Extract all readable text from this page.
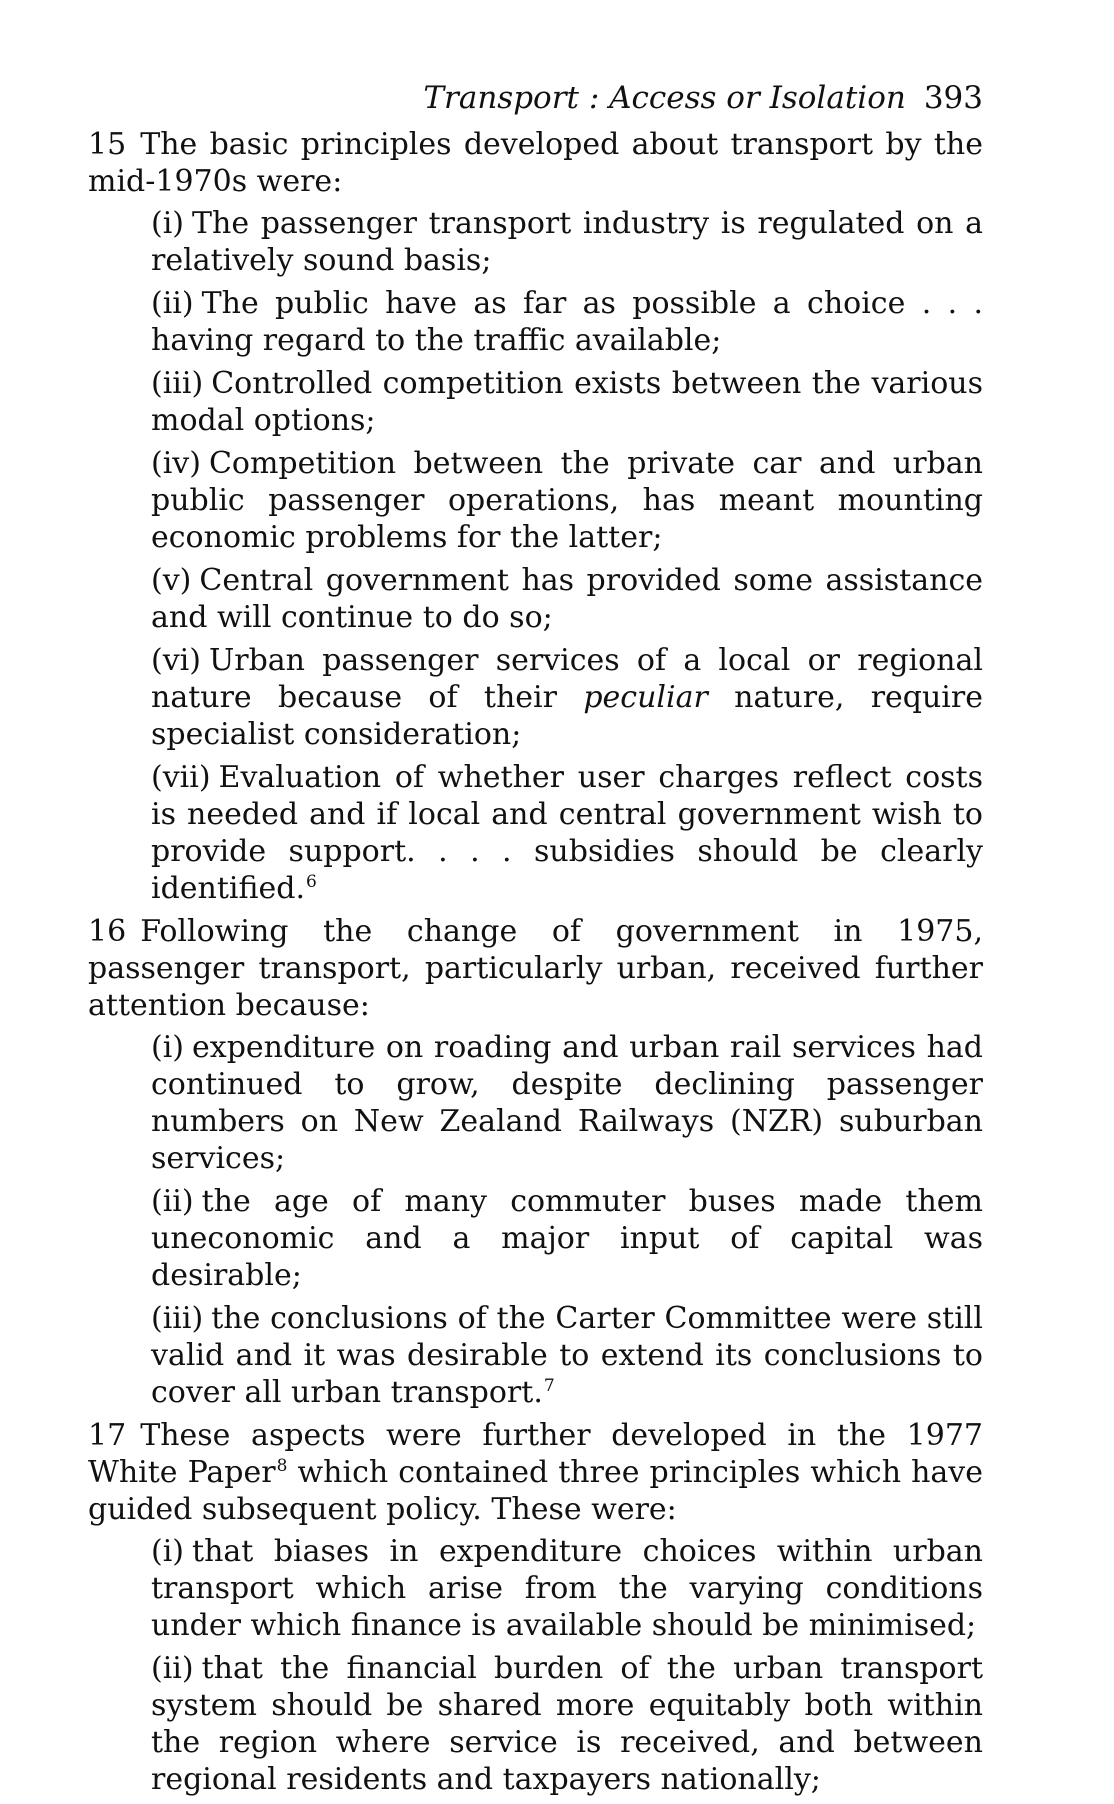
Transport : Access or Isolation 393
15 The basic principles developed about transport by the mid-1970s were:
(i) The passenger transport industry is regulated on a relatively sound basis;
(ii) The public have as far as possible a choice . . . having regard to the traffic available;
(iii) Controlled competition exists between the various modal options;
(iv) Competition between the private car and urban public passenger operations, has meant mounting economic problems for the latter;
(v) Central government has provided some assistance and will continue to do so;
(vi) Urban passenger services of a local or regional nature because of their peculiar nature, require specialist consideration;
(vii) Evaluation of whether user charges reflect costs is needed and if local and central government wish to provide support. . . . subsidies should be clearly identified.$^6$
16 Following the change of government in 1975, passenger transport, particularly urban, received further attention because:
(i) expenditure on roading and urban rail services had continued to grow, despite declining passenger numbers on New Zealand Railways (NZR) suburban services;
(ii) the age of many commuter buses made them uneconomic and a major input of capital was desirable;
(iii) the conclusions of the Carter Committee were still valid and it was desirable to extend its conclusions to cover all urban transport.$^7$
17 These aspects were further developed in the 1977 White Paper$^8$ which contained three principles which have guided subsequent policy. These were:
(i) that biases in expenditure choices within urban transport which arise from the varying conditions under which finance is available should be minimised;
(ii) that the financial burden of the urban transport system should be shared more equitably both within the region where service is received, and between regional residents and taxpayers nationally;
